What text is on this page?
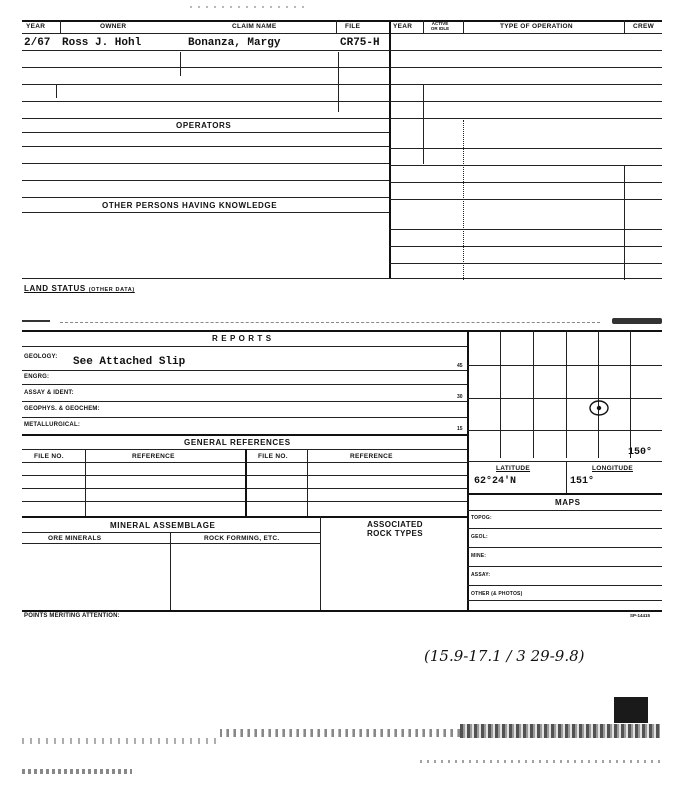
YEAR	OWNER	CLAIM NAME	FILE	YEAR	ACTIVE
OR IDLE	TYPE OF OPERATION	CREW
2/67 Ross J. Hohl	Bonanza, Margy	CR75-H
OPERATORS
OTHER PERSONS HAVING KNOWLEDGE
LAND STATUS (OTHER DATA)
R E P O R T S
GEOLOGY: See Attached Slip	45
ENGRG:
ASSAY & IDENT:
30
GEOPHYS. & GEOCHEM:
METALLURGICAL:
15
GENERAL REFERENCES
FILE NO.	REFERENCE	FILE NO.	REFERENCE
MINERAL ASSEMBLAGE	ASSOCIATED
ROCK TYPES
ORE MINERALS	ROCK FORMING, ETC.
POINTS MERITING ATTENTION:	SP-14415
150°
LATITUDE	LONGITUDE
62°24'N	151°
MAPS
TOPOG:
GEOL:
MINE:
ASSAY:
OTHER (& PHOTOS)
(15.9-17.1 / 3 29-9.8)
